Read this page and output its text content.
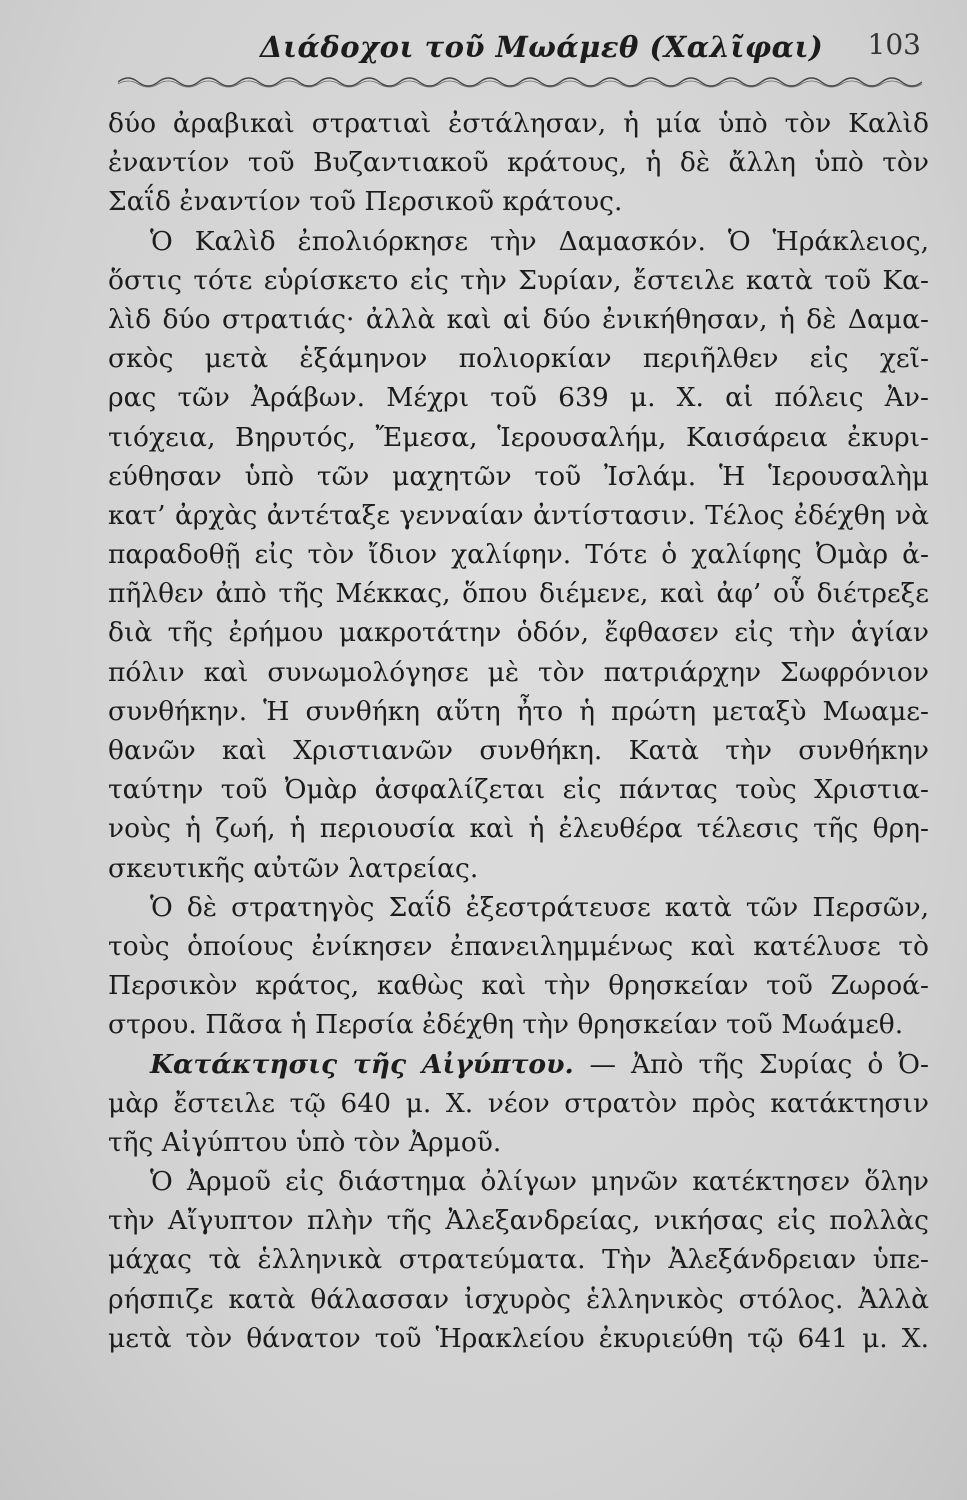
Διάδοχοι τοῦ Μωάμεθ (Χαλῖφαι) 103
δύο ἀραβικαὶ στρατιαὶ ἐστάλησαν, ἡ μία ὑπὸ τὸν Καλὶδ
ἐναντίον τοῦ Βυζαντιακοῦ κράτους, ἡ δὲ ἄλλη ὑπὸ τὸν
Σαΐδ ἐναντίον τοῦ Περσικοῦ κράτους.
Ὁ Καλὶδ ἐπολιόρκησε τὴν Δαμασκόν. Ὁ Ἡράκλειος,
ὅστις τότε εὑρίσκετο εἰς τὴν Συρίαν, ἔστειλε κατὰ τοῦ Κα-
λὶδ δύο στρατιάς· ἀλλὰ καὶ αἱ δύο ἐνικήθησαν, ἡ δὲ Δαμα-
σκὸς μετὰ ἑξάμηνον πολιορκίαν περιῆλθεν εἰς χεῖ-
ρας τῶν Ἀράβων. Μέχρι τοῦ 639 μ. Χ. αἱ πόλεις Ἀν-
τιόχεια, Βηρυτός, Ἔμεσα, Ἱερουσαλήμ, Καισάρεια ἐκυρι-
εύθησαν ὑπὸ τῶν μαχητῶν τοῦ Ἰσλάμ. Ἡ Ἱερουσαλὴμ
κατ’ ἀρχὰς ἀντέταξε γενναίαν ἀντίστασιν. Τέλος ἐδέχθη νὰ
παραδοθῇ εἰς τὸν ἴδιον χαλίφην. Τότε ὁ χαλίφης Ὀμὰρ ἀ-
πῆλθεν ἀπὸ τῆς Μέκκας, ὅπου διέμενε, καὶ ἀφ’ οὗ διέτρεξε
διὰ τῆς ἐρήμου μακροτάτην ὁδόν, ἔφθασεν εἰς τὴν ἁγίαν
πόλιν καὶ συνωμολόγησε μὲ τὸν πατριάρχην Σωφρόνιον
συνθήκην. Ἡ συνθήκη αὕτη ἦτο ἡ πρώτη μεταξὺ Μωαμε-
θανῶν καὶ Χριστιανῶν συνθήκη. Κατὰ τὴν συνθήκην
ταύτην τοῦ Ὀμὰρ ἀσφαλίζεται εἰς πάντας τοὺς Χριστια-
νοὺς ἡ ζωή, ἡ περιουσία καὶ ἡ ἐλευθέρα τέλεσις τῆς θρη-
σκευτικῆς αὐτῶν λατρείας.
Ὁ δὲ στρατηγὸς Σαΐδ ἐξεστράτευσε κατὰ τῶν Περσῶν,
τοὺς ὁποίους ἐνίκησεν ἐπανειλημμένως καὶ κατέλυσε τὸ
Περσικὸν κράτος, καθὼς καὶ τὴν θρησκείαν τοῦ Ζωροά-
στρου. Πᾶσα ἡ Περσία ἐδέχθη τὴν θρησκείαν τοῦ Μωάμεθ.
Κατάκτησις τῆς Αἰγύπτου. — Ἀπὸ τῆς Συρίας ὁ Ὀ-
μὰρ ἔστειλε τῷ 640 μ. Χ. νέον στρατὸν πρὸς κατάκτησιν
τῆς Αἰγύπτου ὑπὸ τὸν Ἀρμοῦ.
Ὁ Ἀρμοῦ εἰς διάστημα ὀλίγων μηνῶν κατέκτησεν ὅλην
τὴν Αἴγυπτον πλὴν τῆς Ἀλεξανδρείας, νικήσας εἰς πολλὰς
μάχας τὰ ἑλληνικὰ στρατεύματα. Τὴν Ἀλεξάνδρειαν ὑπε-
ρήσπιζε κατὰ θάλασσαν ἰσχυρὸς ἑλληνικὸς στόλος. Ἀλλὰ
μετὰ τὸν θάνατον τοῦ Ἡρακλείου ἐκυριεύθη τῷ 641 μ. Χ.
